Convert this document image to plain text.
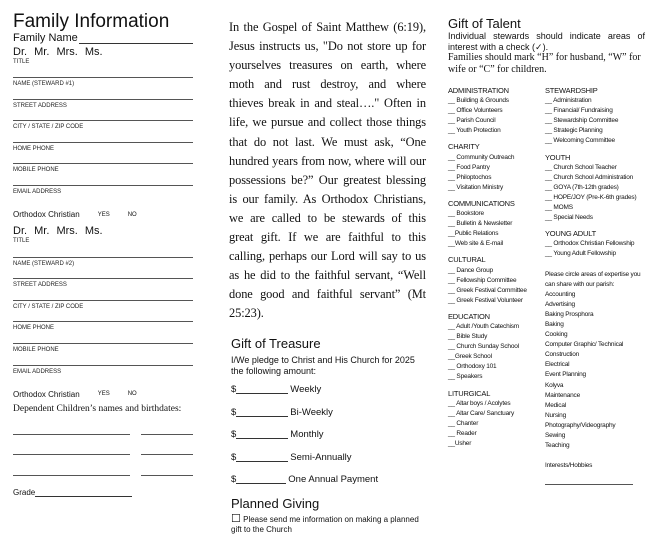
Family Information
Family Name
Dr. Mr. Mrs. Ms.
TITLE
NAME (STEWARD #1)
STREET ADDRESS
CITY / STATE / ZIP CODE
HOME PHONE
MOBILE PHONE
EMAIL ADDRESS
Orthodox Christian	YES	NO
Dr. Mr. Mrs. Ms.
TITLE
NAME (STEWARD #2)
STREET ADDRESS
CITY / STATE / ZIP CODE
HOME PHONE
MOBILE PHONE
EMAIL ADDRESS
Orthodox Christian	YES	NO
Dependent Children’s names and birthdates:
Grade
In the Gospel of Saint Matthew (6:19), Jesus instructs us, "Do not store up for yourselves treasures on earth, where moth and rust destroy, and where thieves break in and steal…." Often in life, we pursue and collect those things that do not last. We must ask, “One hundred years from now, where will our possessions be?” Our greatest blessing is our family. As Orthodox Christians, we are called to be stewards of this great gift. If we are faithful to this calling, perhaps our Lord will say to us as he did to the faithful servant, “Well done good and faithful servant” (Mt 25:23).
Gift of Treasure
I/We pledge to Christ and His Church for 2025 the following amount:
$	Weekly
$	Bi-Weekly
$	Monthly
$	Semi-Annually
$	One Annual Payment
Planned Giving
☐ Please send me information on making a planned gift to the Church
Gift of Talent
Individual stewards should indicate areas of interest with a check (✓).
Families should mark “H” for husband, “W” for wife or “C” for children.
ADMINISTRATION
__ Building & Grounds
__ Office Volunteers
__ Parish Council
__ Youth Protection
CHARITY
__ Community Outreach
__ Food Pantry
__ Philoptochos
__ Visitation Ministry
COMMUNICATIONS
__ Bookstore
__ Bulletin & Newsletter
__Public Relations
__Web site & E-mail
CULTURAL
__ Dance Group
__ Fellowship Committee
__ Greek Festival Committee
__ Greek Festival Volunteer
EDUCATION
__ Adult /Youth Catechism
__ Bible Study
__ Church Sunday School
__Greek School
__ Orthodoxy 101
__ Speakers
LITURGICAL
__ Altar boys / Acolytes
__ Altar Care/ Sanctuary
__ Chanter
__ Reader
__Usher
STEWARDSHIP
__ Administration
__ Financial/ Fundraising
__ Stewardship Committee
__ Strategic Planning
__ Welcoming Committee
YOUTH
__ Church School Teacher
__ Church School Administration
__ GOYA (7th-12th grades)
__ HOPE/JOY (Pre-K-6th grades)
__ MOMS
__ Special Needs
YOUNG ADULT
__ Orthodox Christian Fellowship
__ Young Adult Fellowship
Please circle areas of expertise you can share with our parish:
Accounting
Advertising
Baking Prosphora
Baking
Cooking
Computer Graphic/ Technical
Construction
Electrical
Event Planning
Kolyva
Maintenance
Medical
Nursing
Photography/Videography
Sewing
Teaching
Interests/Hobbies
